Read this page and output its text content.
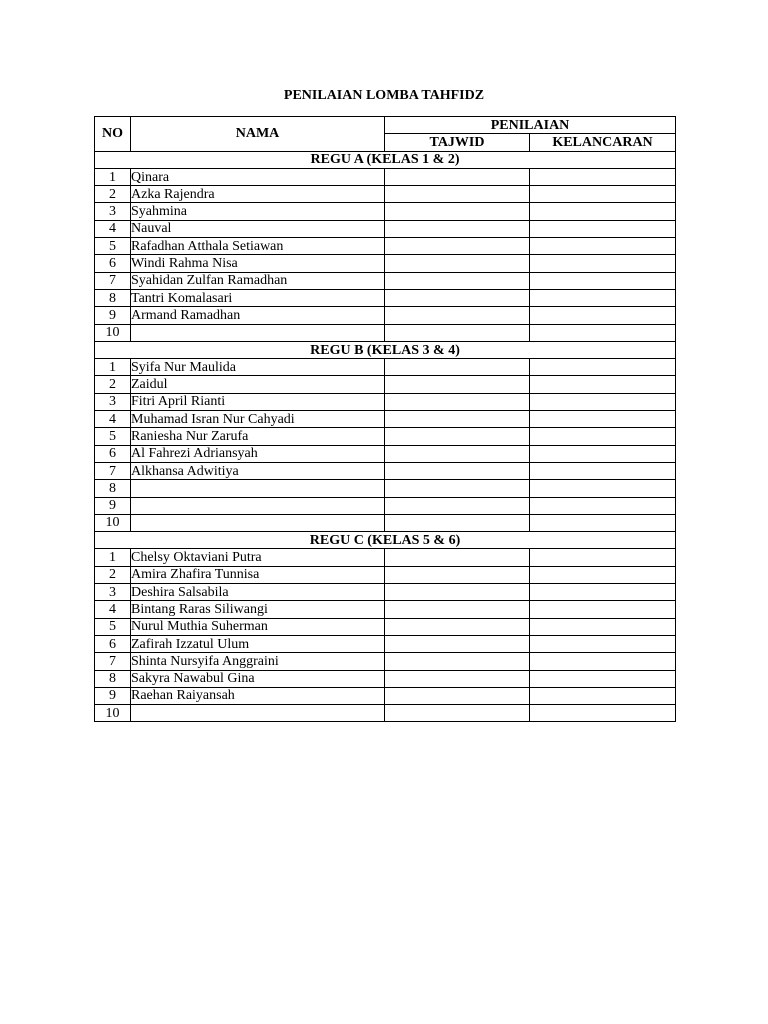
PENILAIAN LOMBA TAHFIDZ
NO	NAMA	PENILAIAN	
		TAJWID	KELANCARAN
REGU A (KELAS 1 & 2)			
1	Qinara		
2	Azka Rajendra		
3	Syahmina		
4	Nauval		
5	Rafadhan Atthala Setiawan		
6	Windi Rahma Nisa		
7	Syahidan Zulfan Ramadhan		
8	Tantri Komalasari		
9	Armand Ramadhan		
10			
REGU B (KELAS 3 & 4)			
1	Syifa Nur Maulida		
2	Zaidul		
3	Fitri April Rianti		
4	Muhamad Isran Nur Cahyadi		
5	Raniesha Nur Zarufa		
6	Al Fahrezi Adriansyah		
7	Alkhansa Adwitiya		
8			
9			
10			
REGU C (KELAS 5 & 6)			
1	Chelsy Oktaviani Putra		
2	Amira Zhafira Tunnisa		
3	Deshira Salsabila		
4	Bintang Raras Siliwangi		
5	Nurul Muthia Suherman		
6	Zafirah Izzatul Ulum		
7	Shinta Nursyifa Anggraini		
8	Sakyra Nawabul Gina		
9	Raehan Raiyansah		
10			
